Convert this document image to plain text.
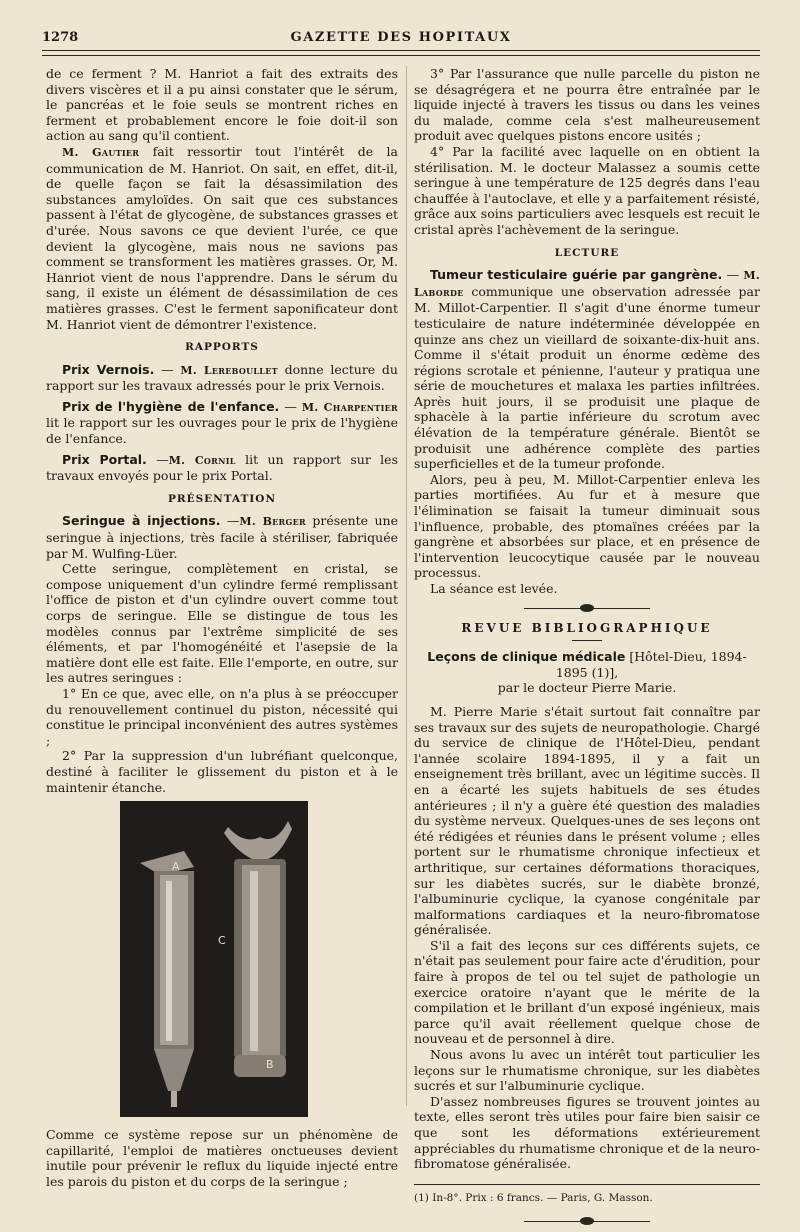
1278	GAZETTE DES HOPITAUX

de ce ferment ? M. Hanriot a fait des extraits des divers viscères et il a pu ainsi constater que le sérum, le pancréas et le foie seuls se montrent riches en ferment et probablement encore le foie doit-il son action au sang qu'il contient.

M. Gautier fait ressortir tout l'intérêt de la communication de M. Hanriot. On sait, en effet, dit-il, de quelle façon se fait la désassimilation des substances amyloïdes. On sait que ces substances passent à l'état de glycogène, de substances grasses et d'urée. Nous savons ce que devient l'urée, ce que devient la glycogène, mais nous ne savions pas comment se transforment les matières grasses. Or, M. Hanriot vient de nous l'apprendre. Dans le sérum du sang, il existe un élément de désassimilation de ces matières grasses. C'est le ferment saponificateur dont M. Hanriot vient de démontrer l'existence.

RAPPORTS

Prix Vernois. — M. Lereboullet donne lecture du rapport sur les travaux adressés pour le prix Vernois.

Prix de l'hygiène de l'enfance. — M. Charpentier lit le rapport sur les ouvrages pour le prix de l'hygiène de l'enfance.

Prix Portal. —M. Cornil lit un rapport sur les travaux envoyés pour le prix Portal.

PRÉSENTATION

Seringue à injections. —M. Berger présente une seringue à injections, très facile à stériliser, fabriquée par M. Wulfing-Lüer.

Cette seringue, complètement en cristal, se compose uniquement d'un cylindre fermé remplissant l'office de piston et d'un cylindre ouvert comme tout corps de seringue. Elle se distingue de tous les modèles connus par l'extrême simplicité de ses éléments, et par l'homogénéité et l'asepsie de la matière dont elle est faite. Elle l'emporte, en outre, sur les autres seringues :

1° En ce que, avec elle, on n'a plus à se préoccuper du renouvellement continuel du piston, nécessité qui constitue le principal inconvénient des autres systèmes ;

2° Par la suppression d'un lubréfiant quelconque, destiné à faciliter le glissement du piston et à le maintenir étanche.

A
C
B

Comme ce système repose sur un phénomène de capillarité, l'emploi de matières onctueuses devient inutile pour prévenir le reflux du liquide injecté entre les parois du piston et du corps de la seringue ;

3° Par l'assurance que nulle parcelle du piston ne se désagrégera et ne pourra être entraînée par le liquide injecté à travers les tissus ou dans les veines du malade, comme cela s'est malheureusement produit avec quelques pistons encore usités ;

4° Par la facilité avec laquelle on en obtient la stérilisation. M. le docteur Malassez a soumis cette seringue à une température de 125 degrés dans l'eau chauffée à l'autoclave, et elle y a parfaitement résisté, grâce aux soins particuliers avec lesquels est recuit le cristal après l'achèvement de la seringue.

LECTURE

Tumeur testiculaire guérie par gangrène. — M. Laborde communique une observation adressée par M. Millot-Carpentier. Il s'agit d'une énorme tumeur testiculaire de nature indéterminée développée en quinze ans chez un vieillard de soixante-dix-huit ans. Comme il s'était produit un énorme œdème des régions scrotale et pénienne, l'auteur y pratiqua une série de mouchetures et malaxa les parties infiltrées. Après huit jours, il se produisit une plaque de sphacèle à la partie inférieure du scrotum avec élévation de la température générale. Bientôt se produisit une adhérence complète des parties superficielles et de la tumeur profonde.

Alors, peu à peu, M. Millot-Carpentier enleva les parties mortifiées. Au fur et à mesure que l'élimination se faisait la tumeur diminuait sous l'influence, probable, des ptomaïnes créées par la gangrène et absorbées sur place, et en présence de l'intervention leucocytique causée par le nouveau processus.

La séance est levée.

REVUE BIBLIOGRAPHIQUE
Leçons de clinique médicale [Hôtel-Dieu, 1894-1895 (1)],
par le docteur Pierre Marie.

M. Pierre Marie s'était surtout fait connaître par ses travaux sur des sujets de neuropathologie. Chargé du service de clinique de l'Hôtel-Dieu, pendant l'année scolaire 1894-1895, il y a fait un enseignement très brillant, avec un légitime succès. Il en a écarté les sujets habituels de ses études antérieures ; il n'y a guère été question des maladies du système nerveux. Quelques-unes de ses leçons ont été rédigées et réunies dans le présent volume ; elles portent sur le rhumatisme chronique infectieux et arthritique, sur certaines déformations thoraciques, sur les diabètes sucrés, sur le diabète bronzé, l'albuminurie cyclique, la cyanose congénitale par malformations cardiaques et la neuro-fibromatose généralisée.

S'il a fait des leçons sur ces différents sujets, ce n'était pas seulement pour faire acte d'érudition, pour faire à propos de tel ou tel sujet de pathologie un exercice oratoire n'ayant que le mérite de la compilation et le brillant d'un exposé ingénieux, mais parce qu'il avait réellement quelque chose de nouveau et de personnel à dire.

Nous avons lu avec un intérêt tout particulier les leçons sur le rhumatisme chronique, sur les diabètes sucrés et sur l'albuminurie cyclique.

D'assez nombreuses figures se trouvent jointes au texte, elles seront très utiles pour faire bien saisir ce que sont les déformations extérieurement appréciables du rhumatisme chronique et de la neuro-fibromatose généralisée.

(1) In-8°. Prix : 6 francs. — Paris, G. Masson.
